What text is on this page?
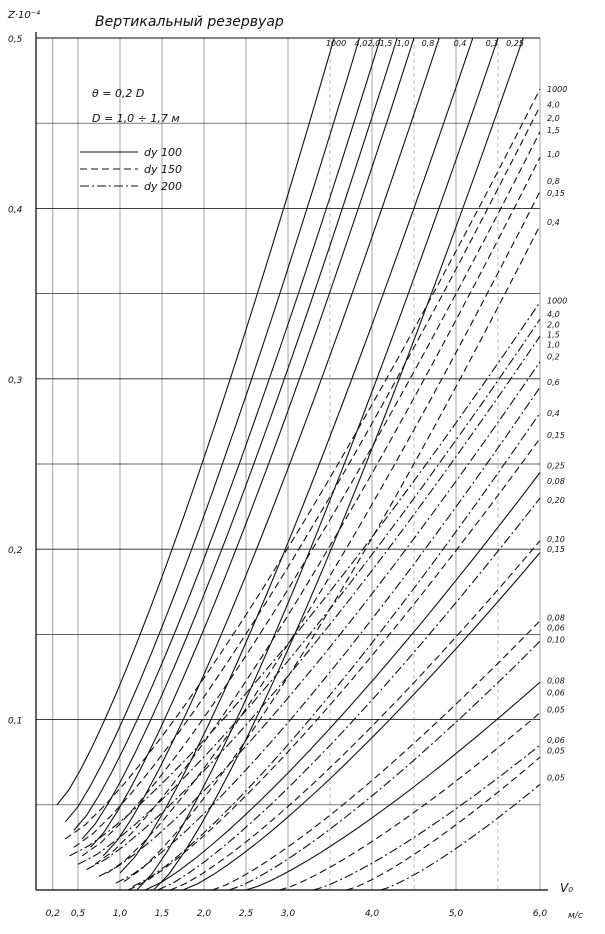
0,2 0,5	1,0	1,5	2,0	2,5	3,0	4,0	5,0	6,0
0,1
0,2
0,3
0,4
0,5
Вертикальный резервуар
Z·10⁻⁴
V₀
м/с
θ = 0,2 D
D = 1,0 ÷ 1,7 м
dу 100
dу 150
dу 200
1000 4,0 2,0 1,5 1,0 0,8 0,4 0,3 0,25
1000
4,0
2,0
1,5
1,0
0,8
0,15
0,4
1000
4,0
2,0
1,5
1,0
0,2
0,6
0,4
0,15
0,25
0,08
0,20
0,10
0,15
0,08
0,06
0,10
0,08
0,06
0,05
0,06
0,05
0,05
